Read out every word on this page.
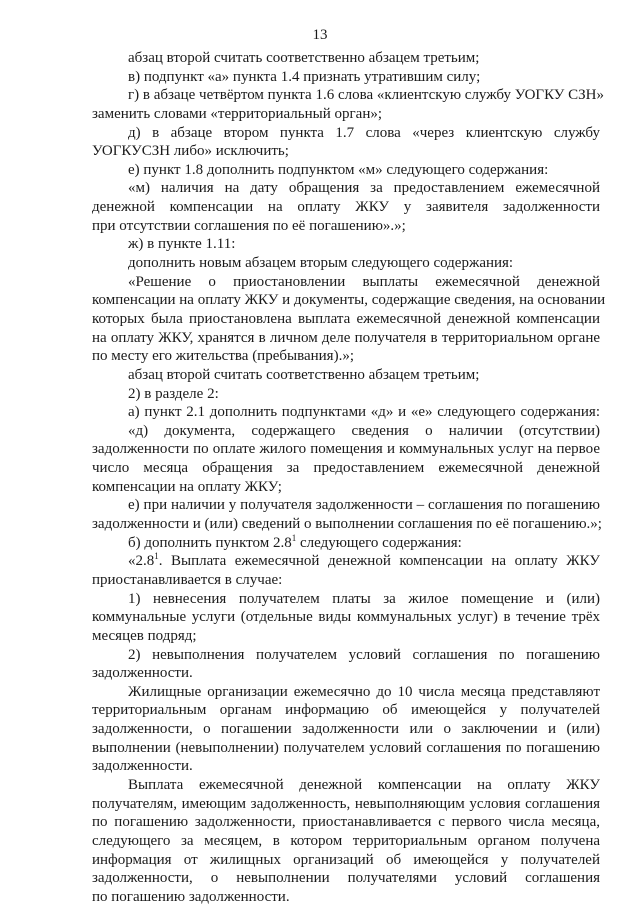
13
абзац второй считать соответственно абзацем третьим;
в) подпункт «а» пункта 1.4 признать утратившим силу;
г) в абзаце четвёртом пункта 1.6 слова «клиентскую службу УОГКУ СЗН»
заменить словами «территориальный орган»;
д) в абзаце втором пункта 1.7 слова «через клиентскую службу
УОГКУСЗН либо» исключить;
е) пункт 1.8 дополнить подпунктом «м» следующего содержания:
«м) наличия на дату обращения за предоставлением ежемесячной
денежной компенсации на оплату ЖКУ у заявителя задолженности
при отсутствии соглашения по её погашению».»;
ж) в пункте 1.11:
дополнить новым абзацем вторым следующего содержания:
«Решение о приостановлении выплаты ежемесячной денежной
компенсации на оплату ЖКУ и документы, содержащие сведения, на основании
которых была приостановлена выплата ежемесячной денежной компенсации
на оплату ЖКУ, хранятся в личном деле получателя в территориальном органе
по месту его жительства (пребывания).»;
абзац второй считать соответственно абзацем третьим;
2) в разделе 2:
а) пункт 2.1 дополнить подпунктами «д» и «е» следующего содержания:
«д) документа, содержащего сведения о наличии (отсутствии)
задолженности по оплате жилого помещения и коммунальных услуг на первое
число месяца обращения за предоставлением ежемесячной денежной
компенсации на оплату ЖКУ;
е) при наличии у получателя задолженности – соглашения по погашению
задолженности и (или) сведений о выполнении соглашения по её погашению.»;
б) дополнить пунктом $2.8^1$ следующего содержания:
«$2.8^1$. Выплата ежемесячной денежной компенсации на оплату ЖКУ
приостанавливается в случае:
1) невнесения получателем платы за жилое помещение и (или)
коммунальные услуги (отдельные виды коммунальных услуг) в течение трёх
месяцев подряд;
2) невыполнения получателем условий соглашения по погашению
задолженности.
Жилищные организации ежемесячно до 10 числа месяца представляют
территориальным органам информацию об имеющейся у получателей
задолженности, о погашении задолженности или о заключении и (или)
выполнении (невыполнении) получателем условий соглашения по погашению
задолженности.
Выплата ежемесячной денежной компенсации на оплату ЖКУ
получателям, имеющим задолженность, невыполняющим условия соглашения
по погашению задолженности, приостанавливается с первого числа месяца,
следующего за месяцем, в котором территориальным органом получена
информация от жилищных организаций об имеющейся у получателей
задолженности, о невыполнении получателями условий соглашения
по погашению задолженности.
